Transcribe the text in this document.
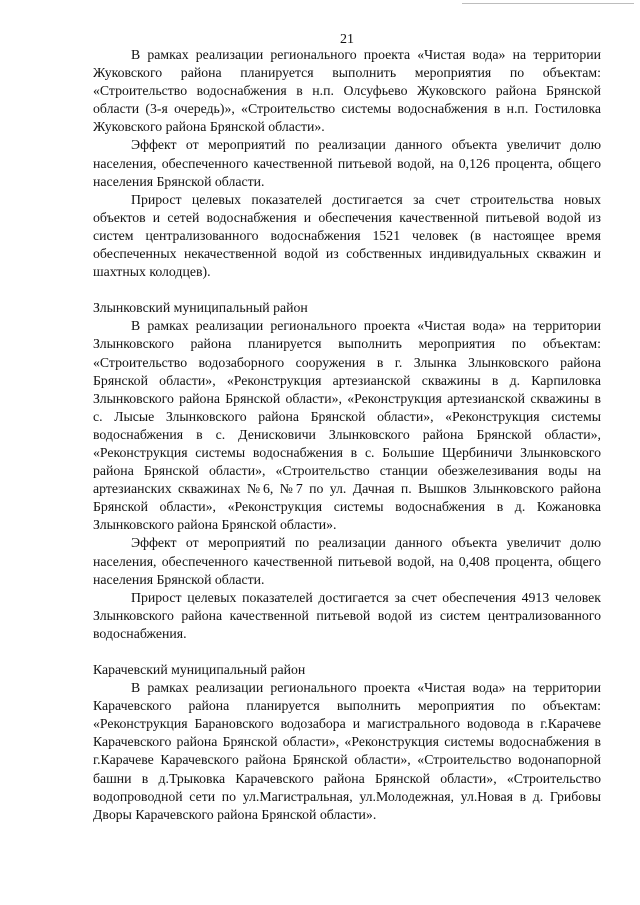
21

В рамках реализации регионального проекта «Чистая вода» на территории Жуковского района планируется выполнить мероприятия по объектам: «Строительство водоснабжения в н.п. Олсуфьево Жуковского района Брянской области (3-я очередь)», «Строительство системы водоснабжения в н.п. Гостиловка Жуковского района Брянской области».

Эффект от мероприятий по реализации данного объекта увеличит долю населения, обеспеченного качественной питьевой водой, на 0,126 процента, общего населения Брянской области.

Прирост целевых показателей достигается за счет строительства новых объектов и сетей водоснабжения и обеспечения качественной питьевой водой из систем централизованного водоснабжения 1521 человек (в настоящее время обеспеченных некачественной водой из собственных индивидуальных скважин и шахтных колодцев).

Злынковский муниципальный район

В рамках реализации регионального проекта «Чистая вода» на территории Злынковского района планируется выполнить мероприятия по объектам: «Строительство водозаборного сооружения в г. Злынка Злынковского района Брянской области», «Реконструкция артезианской скважины в д. Карпиловка Злынковского района Брянской области», «Реконструкция артезианской скважины в с. Лысые Злынковского района Брянской области», «Реконструкция системы водоснабжения в с. Денисковичи Злынковского района Брянской области», «Реконструкция системы водоснабжения в с. Большие Щербиничи Злынковского района Брянской области», «Строительство станции обезжелезивания воды на артезианских скважинах №6, №7 по ул. Дачная п. Вышков Злынковского района Брянской области», «Реконструкция системы водоснабжения в д. Кожановка Злынковского района Брянской области».

Эффект от мероприятий по реализации данного объекта увеличит долю населения, обеспеченного качественной питьевой водой, на 0,408 процента, общего населения Брянской области.

Прирост целевых показателей достигается за счет обеспечения 4913 человек Злынковского района качественной питьевой водой из систем централизованного водоснабжения.

Карачевский муниципальный район

В рамках реализации регионального проекта «Чистая вода» на территории Карачевского района планируется выполнить мероприятия по объектам: «Реконструкция Барановского водозабора и магистрального водовода в г.Карачеве Карачевского района Брянской области», «Реконструкция системы водоснабжения в г.Карачеве Карачевского района Брянской области», «Строительство водонапорной башни в д.Трыковка Карачевского района Брянской области», «Строительство водопроводной сети по ул.Магистральная, ул.Молодежная, ул.Новая в д. Грибовы Дворы Карачевского района Брянской области».
